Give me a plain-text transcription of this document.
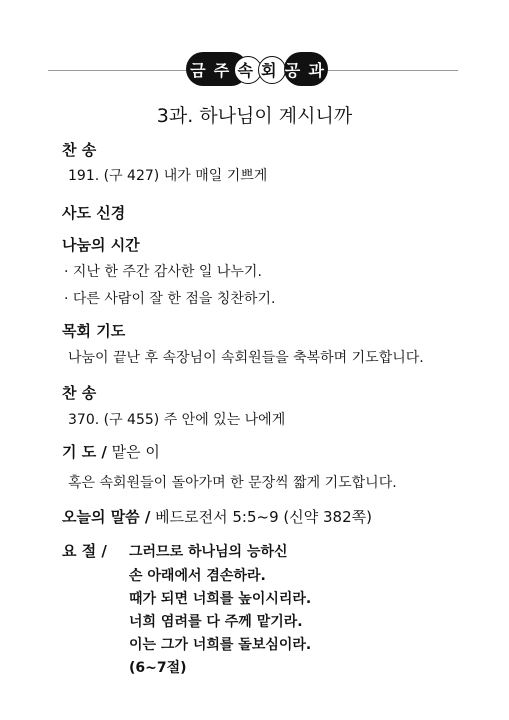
금 주 속 회 공 과
3과. 하나님이 계시니까
찬 송
191. (구 427) 내가 매일 기쁘게
사도 신경
나눔의 시간
· 지난 한 주간 감사한 일 나누기.
· 다른 사람이 잘 한 점을 칭찬하기.
목회 기도
나눔이 끝난 후 속장님이 속회원들을 축복하며 기도합니다.
찬 송
370. (구 455) 주 안에 있는 나에게
기 도 / 맡은 이
혹은 속회원들이 돌아가며 한 문장씩 짧게 기도합니다.
오늘의 말씀 / 베드로전서 5:5~9 (신약 382쪽)
요 절 / 그러므로 하나님의 능하신
손 아래에서 겸손하라.
때가 되면 너희를 높이시리라.
너희 염려를 다 주께 맡기라.
이는 그가 너희를 돌보심이라.
(6~7절)
